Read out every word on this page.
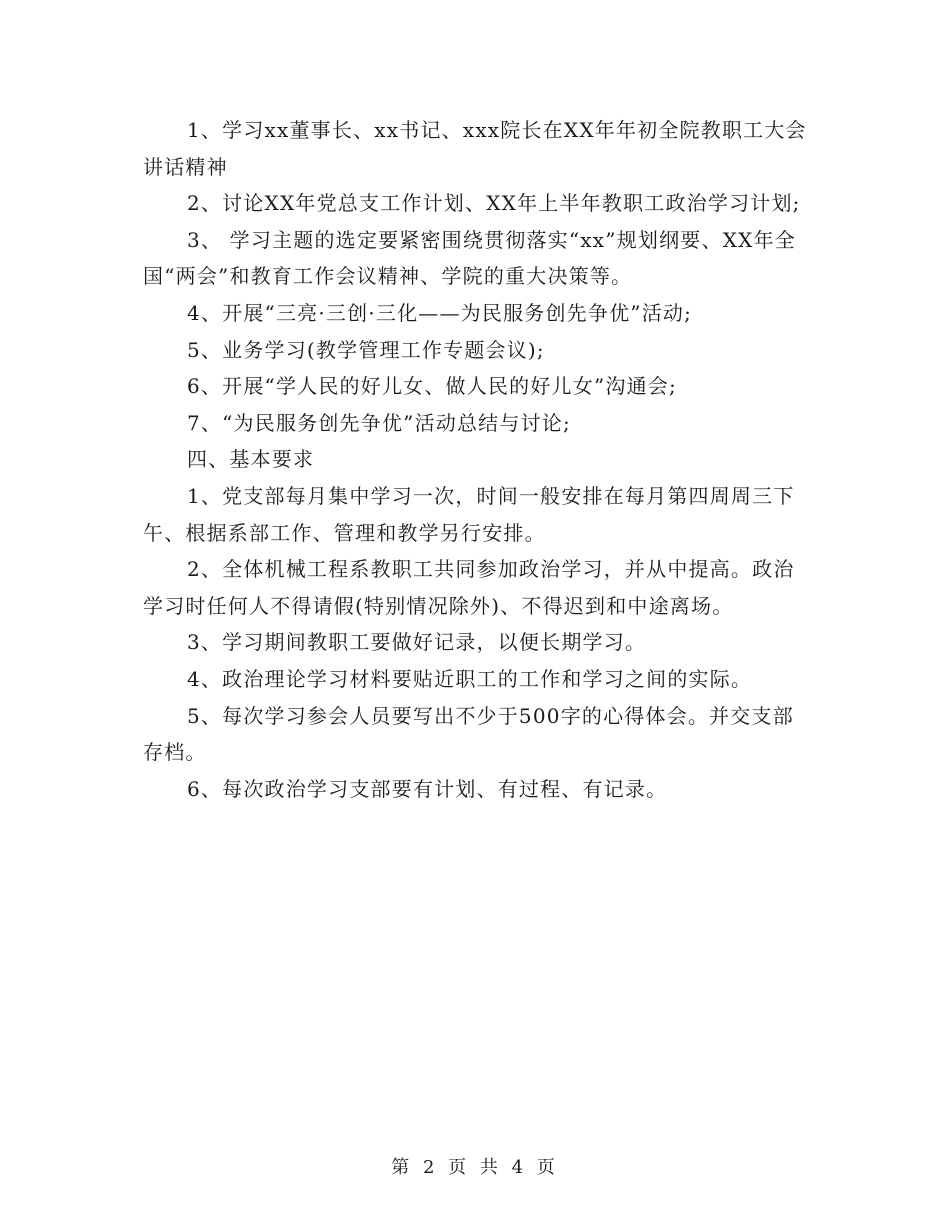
1、学习xx董事长、xx书记、xxx院长在XX年年初全院教职工大会讲话精神

2、讨论XX年党总支工作计划、XX年上半年教职工政治学习计划;

3、 学习主题的选定要紧密围绕贯彻落实“xx”规划纲要、XX年全国“两会”和教育工作会议精神、学院的重大决策等。

4、开展“三亮·三创·三化——为民服务创先争优”活动;

5、业务学习(教学管理工作专题会议);

6、开展“学人民的好儿女、做人民的好儿女”沟通会;

7、“为民服务创先争优”活动总结与讨论;

四、基本要求

1、党支部每月集中学习一次，时间一般安排在每月第四周周三下午、根据系部工作、管理和教学另行安排。

2、全体机械工程系教职工共同参加政治学习，并从中提高。政治学习时任何人不得请假(特别情况除外)、不得迟到和中途离场。

3、学习期间教职工要做好记录，以便长期学习。

4、政治理论学习材料要贴近职工的工作和学习之间的实际。

5、每次学习参会人员要写出不少于500字的心得体会。并交支部存档。

6、每次政治学习支部要有计划、有过程、有记录。

第 2 页 共 4 页
